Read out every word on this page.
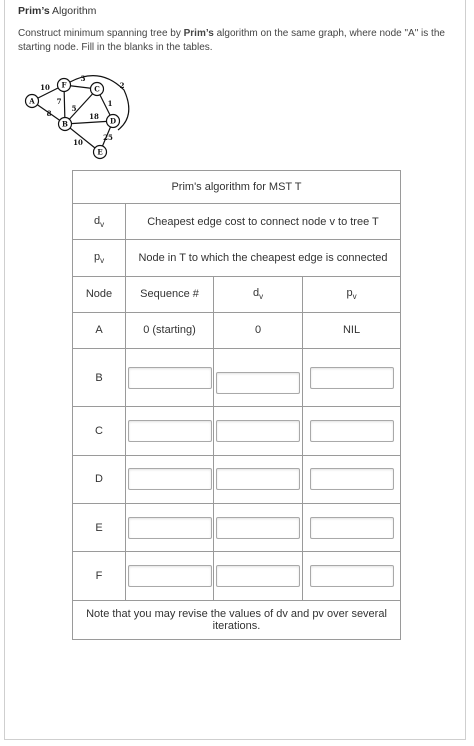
Prim’s Algorithm
Construct minimum spanning tree by Prim’s algorithm on the same graph, where node "A" is the starting node. Fill in the blanks in the tables.
A
F	C
B	D
E
10
3
2
7
5
8	18
1
10
25
Prim's algorithm for MST T			
$d_v$	Cheapest edge cost to connect node v to tree T		
$p_v$	Node in T to which the cheapest edge is connected		
Node	Sequence #	$d_v$	$p_v$
A	0 (starting)	0	NIL
B	

C	

D	

E	

F	

Note that you may revise the values of dv and pv over several iterations.			
